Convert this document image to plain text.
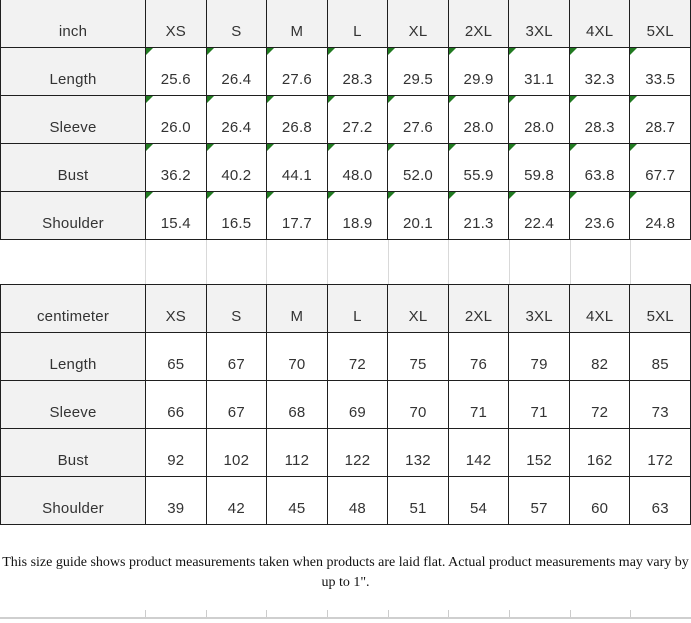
inch	XS	S	M	L	XL	2XL 3XL 4XL 5XL
Length	25.6 26.4 27.6 28.3 29.5 29.9 31.1 32.3 33.5
Sleeve	26.0 26.4 26.8 27.2 27.6 28.0 28.0 28.3 28.7
Bust	36.2 40.2 44.1 48.0 52.0 55.9 59.8 63.8 67.7
Shoulder	15.4 16.5 17.7 18.9 20.1 21.3 22.4 23.6 24.8
centimeter	XS	S	M	L	XL	2XL 3XL 4XL 5XL
Length	65	67	70	72	75	76	79	82	85
Sleeve	66	67	68	69	70	71	71	72	73
Bust	92	102 112 122 132 142 152 162 172
Shoulder	39	42	45	48	51	54	57	60	63
This size guide shows product measurements taken when products are laid flat. Actual product measurements may vary by up to 1".
